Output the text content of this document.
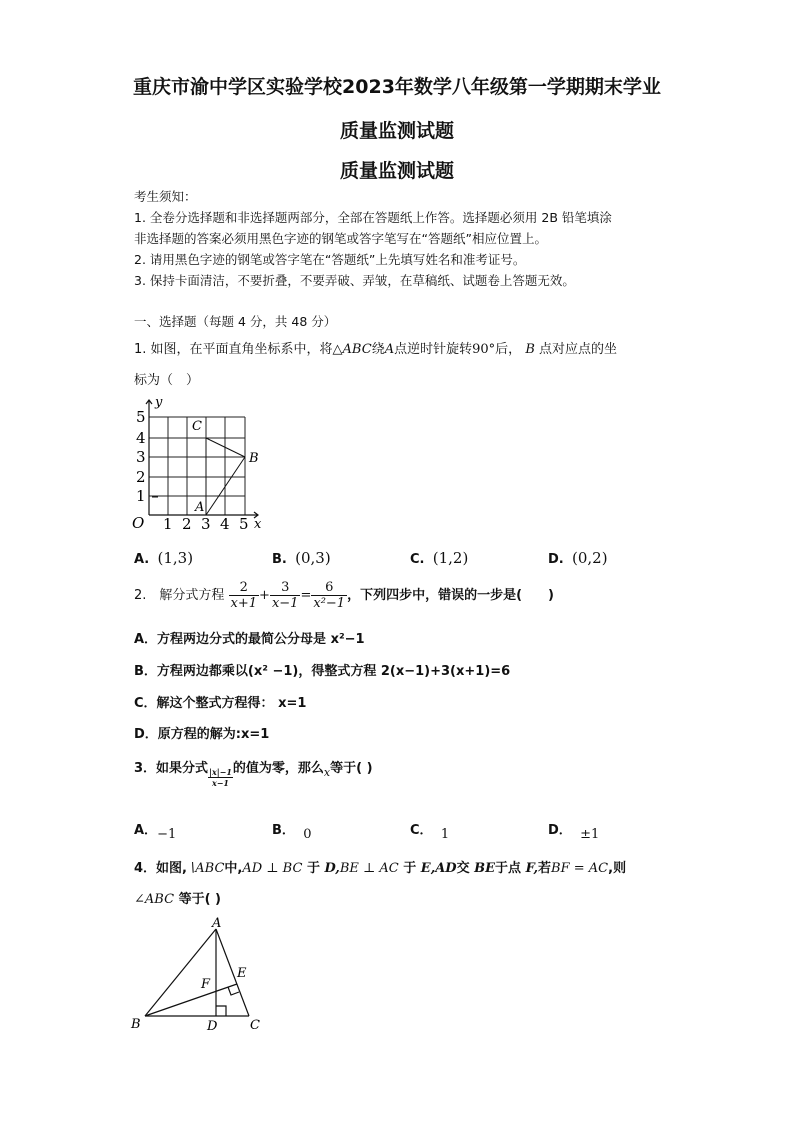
重庆市渝中学区实验学校2023年数学八年级第一学期期末学业
质量监测试题
质量监测试题
考生须知：
1. 全卷分选择题和非选择题两部分，全部在答题纸上作答。选择题必须用 2B 铅笔填涂
非选择题的答案必须用黑色字迹的钢笔或答字笔写在“答题纸”相应位置上。
2. 请用黑色字迹的钢笔或答字笔在“答题纸”上先填写姓名和准考证号。
3. 保持卡面清洁，不要折叠，不要弄破、弄皱，在草稿纸、试题卷上答题无效。
一、选择题（每题 4 分，共 48 分）
1. 如图，在平面直角坐标系中，将△ABC绕A点逆时针旋转90°后， B 点对应点的坐
标为（　）
y
x
O
1
2
3
4
5
1 2 3 4 5
A
B
C
A. (1,3)	B. (0,3)	C. (1,2)	D. (0,2)
2.　解分式方程 $\frac{2}{x+1} + \frac{3}{x-1} = \frac{6}{\text{x²−1}}$ ，下列四步中，错误的一步是(　　)
A．方程两边分式的最简公分母是 x²−1
B．方程两边都乘以(x² −1)，得整式方程 2(x−1)+3(x+1)=6
C．解这个整式方程得： x=1
D．原方程的解为:x=1
3．如果分式 $\frac{|x|-1}{x-1}$的值为零，那么$_x$等于( )
A．−1	B． 0	C． 1	D． ±1
4．如图,∖ABC中,AD ⊥ BC 于 D,BE ⊥ AC 于 E,AD交 BE于点 F,若BF = AC,则
∠ABC 等于( )
A
B	C
D
E
F
